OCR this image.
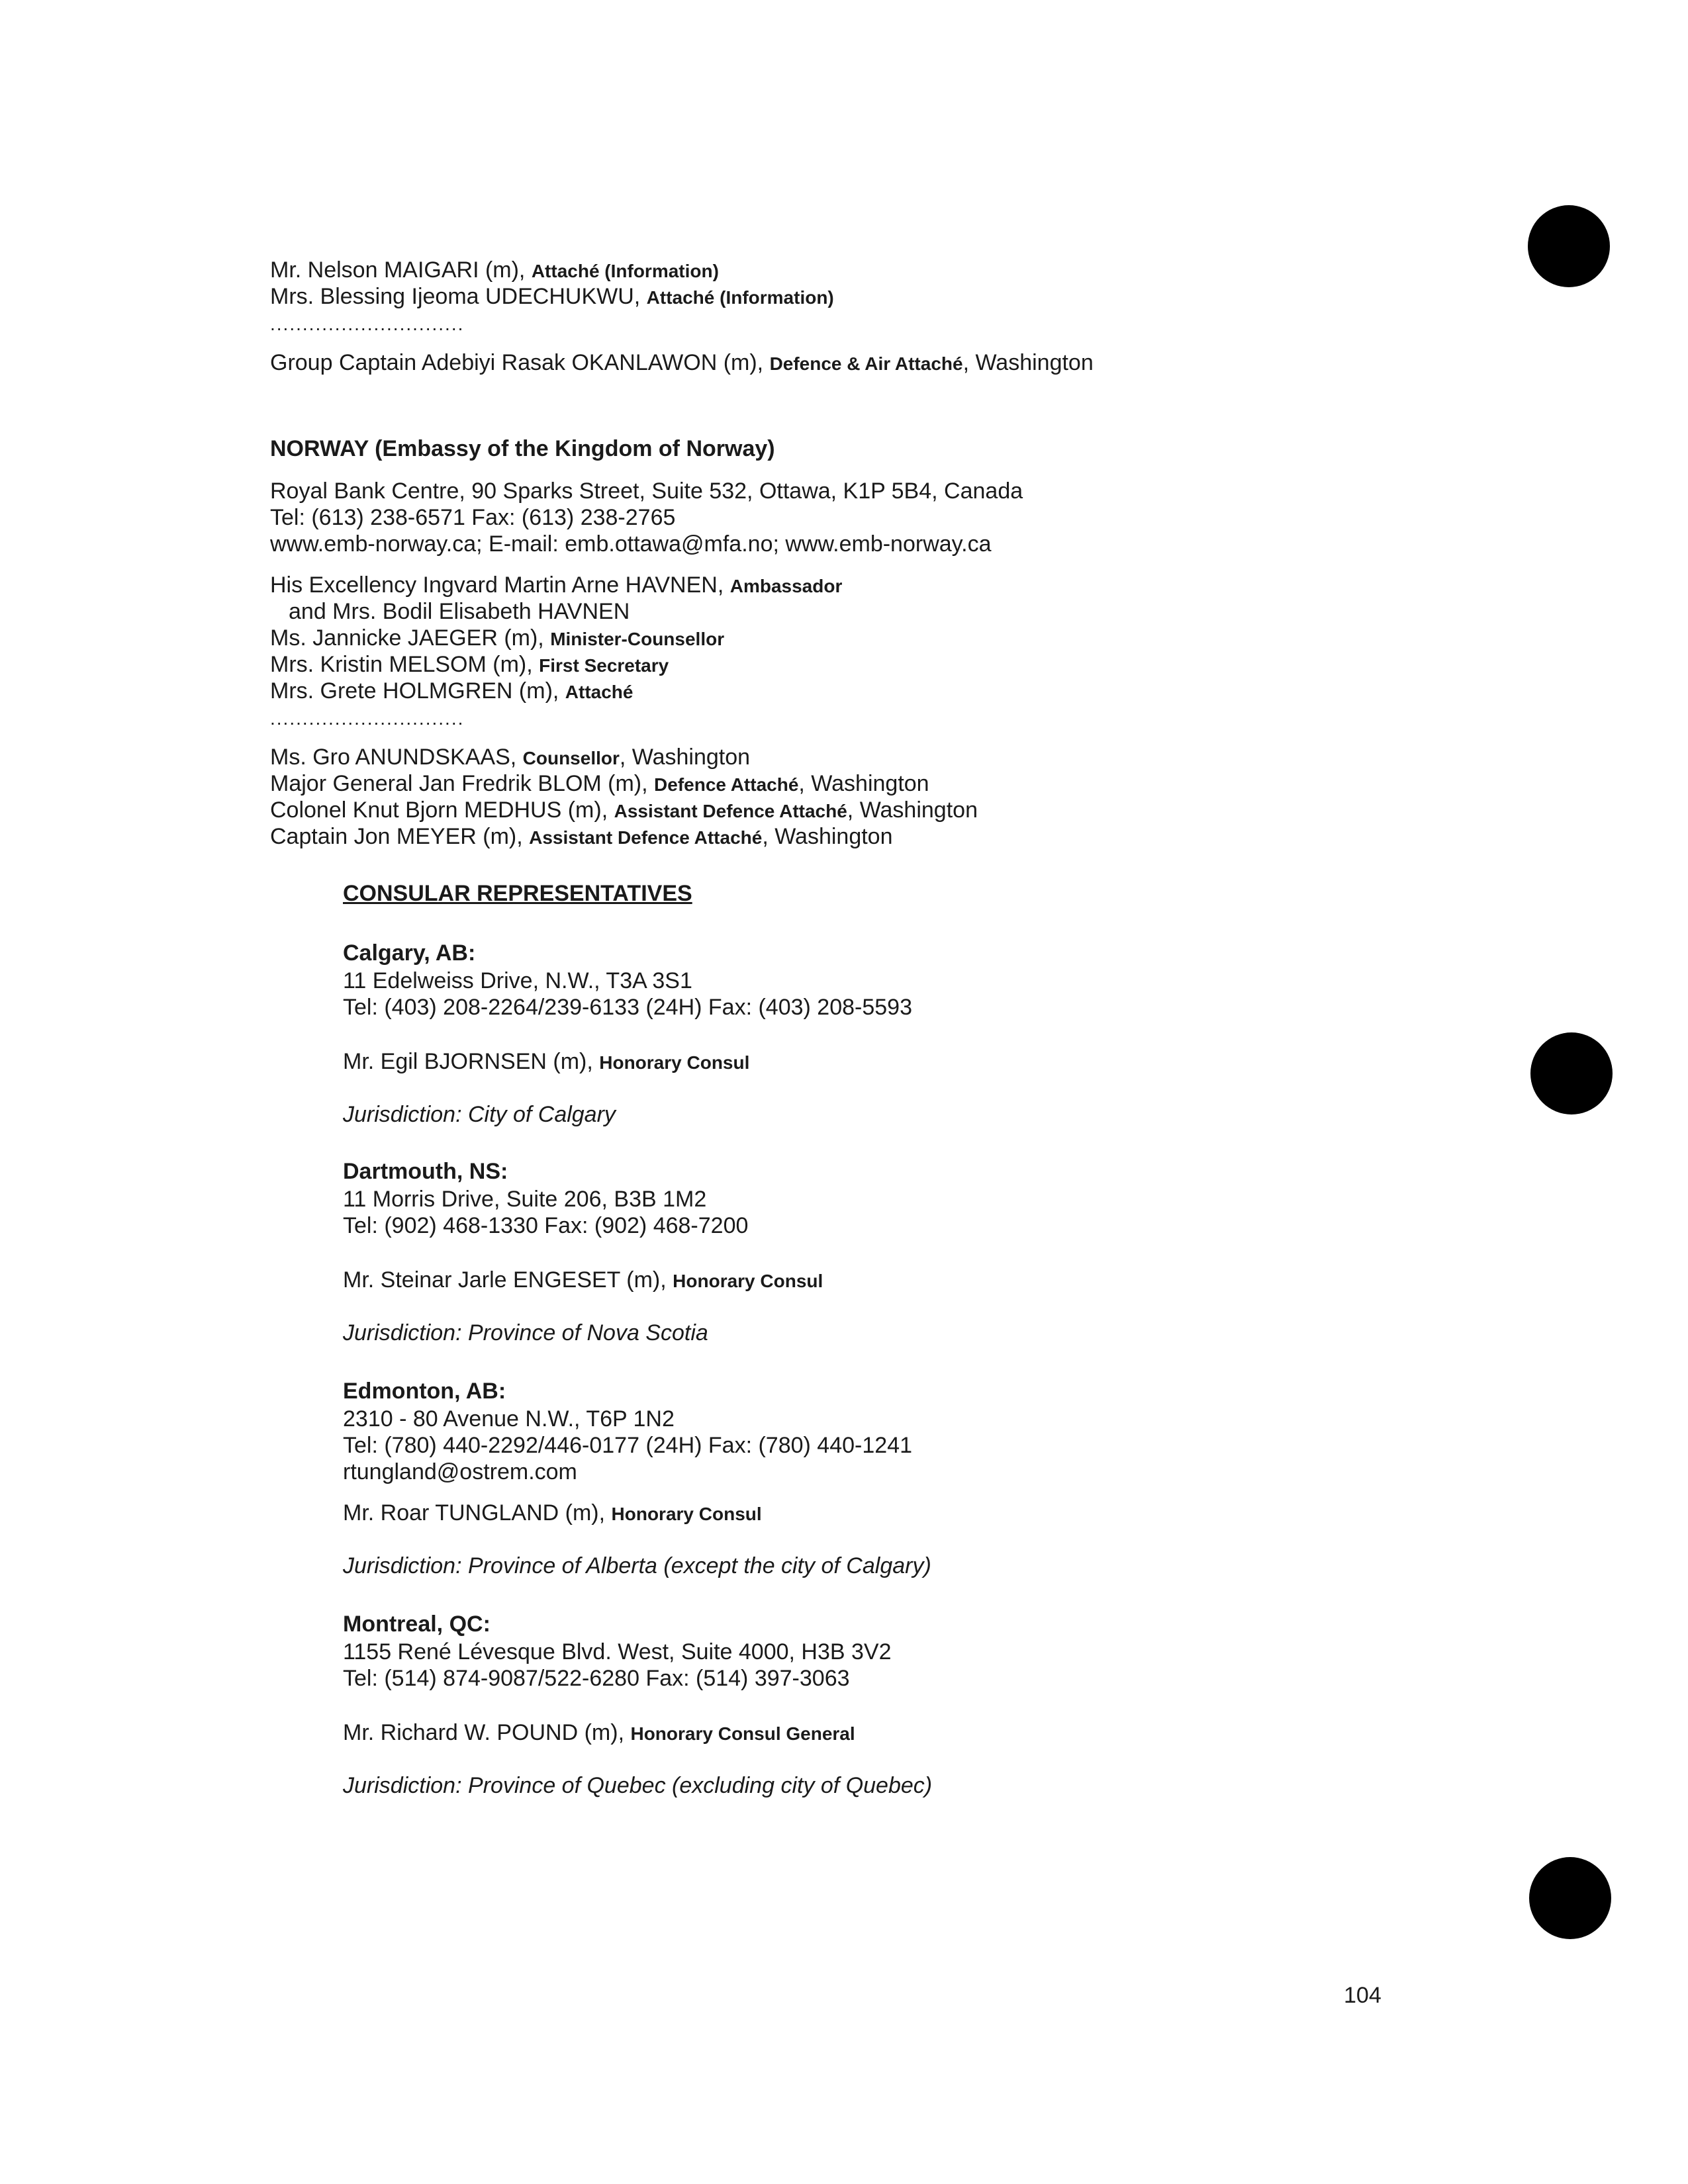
Mr. Nelson MAIGARI (m), Attaché (Information)
Mrs. Blessing Ijeoma UDECHUKWU, Attaché (Information)
..............................
Group Captain Adebiyi Rasak OKANLAWON (m), Defence & Air Attaché, Washington
NORWAY (Embassy of the Kingdom of Norway)
Royal Bank Centre, 90 Sparks Street, Suite 532, Ottawa, K1P 5B4, Canada
Tel: (613) 238-6571 Fax: (613) 238-2765
www.emb-norway.ca; E-mail: emb.ottawa@mfa.no; www.emb-norway.ca
His Excellency Ingvard Martin Arne HAVNEN, Ambassador
and Mrs. Bodil Elisabeth HAVNEN
Ms. Jannicke JAEGER (m), Minister-Counsellor
Mrs. Kristin MELSOM (m), First Secretary
Mrs. Grete HOLMGREN (m), Attaché
..............................
Ms. Gro ANUNDSKAAS, Counsellor, Washington
Major General Jan Fredrik BLOM (m), Defence Attaché, Washington
Colonel Knut Bjorn MEDHUS (m), Assistant Defence Attaché, Washington
Captain Jon MEYER (m), Assistant Defence Attaché, Washington
CONSULAR REPRESENTATIVES
Calgary, AB:
11 Edelweiss Drive, N.W., T3A 3S1
Tel: (403) 208-2264/239-6133 (24H) Fax: (403) 208-5593
Mr. Egil BJORNSEN (m), Honorary Consul
Jurisdiction: City of Calgary
Dartmouth, NS:
11 Morris Drive, Suite 206, B3B 1M2
Tel: (902) 468-1330 Fax: (902) 468-7200
Mr. Steinar Jarle ENGESET (m), Honorary Consul
Jurisdiction: Province of Nova Scotia
Edmonton, AB:
2310 - 80 Avenue N.W., T6P 1N2
Tel: (780) 440-2292/446-0177 (24H) Fax: (780) 440-1241
rtungland@ostrem.com
Mr. Roar TUNGLAND (m), Honorary Consul
Jurisdiction: Province of Alberta (except the city of Calgary)
Montreal, QC:
1155 René Lévesque Blvd. West, Suite 4000, H3B 3V2
Tel: (514) 874-9087/522-6280 Fax: (514) 397-3063
Mr. Richard W. POUND (m), Honorary Consul General
Jurisdiction: Province of Quebec (excluding city of Quebec)
104
